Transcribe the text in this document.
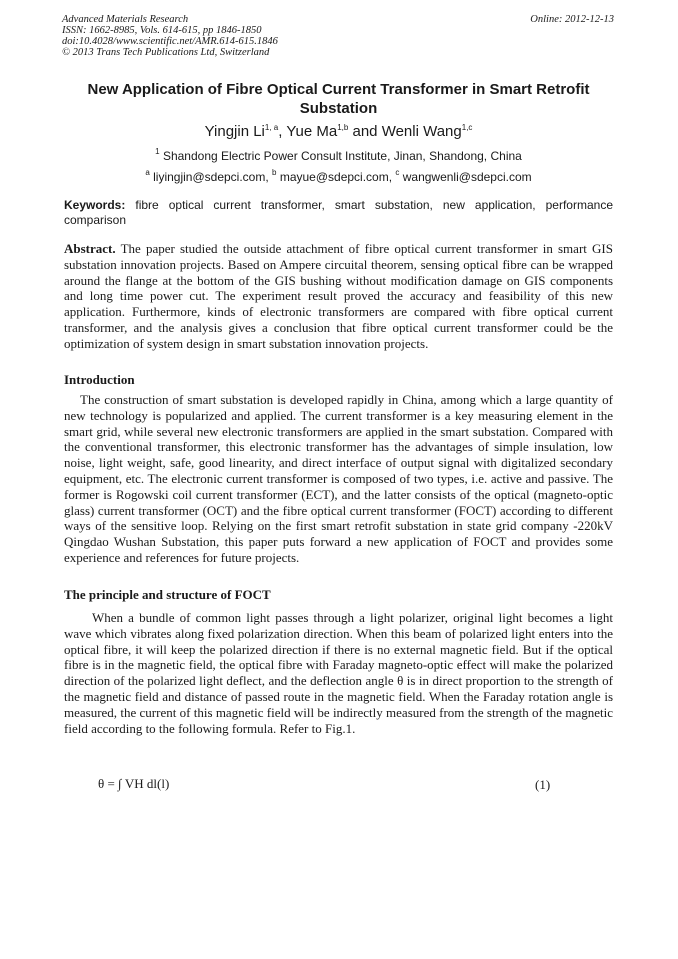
Advanced Materials Research
ISSN: 1662-8985, Vols. 614-615, pp 1846-1850
doi:10.4028/www.scientific.net/AMR.614-615.1846
© 2013 Trans Tech Publications Ltd, Switzerland
Online: 2012-12-13
New Application of Fibre Optical Current Transformer in Smart Retrofit Substation
Yingjin Li$^{1, a}$, Yue Ma$^{1,b}$ and Wenli Wang$^{1,c}$
$^1$ Shandong Electric Power Consult Institute, Jinan, Shandong, China
$^a$ liyingjin@sdepci.com, $^b$ mayue@sdepci.com, $^c$ wangwenli@sdepci.com
Keywords: fibre optical current transformer, smart substation, new application, performance comparison
Abstract. The paper studied the outside attachment of fibre optical current transformer in smart GIS substation innovation projects. Based on Ampere circuital theorem, sensing optical fibre can be wrapped around the flange at the bottom of the GIS bushing without modification damage on GIS components and long time power cut. The experiment result proved the accuracy and feasibility of this new application. Furthermore, kinds of electronic transformers are compared with fibre optical current transformer, and the analysis gives a conclusion that fibre optical current transformer could be the optimization of system design in smart substation innovation projects.
Introduction
The construction of smart substation is developed rapidly in China, among which a large quantity of new technology is popularized and applied. The current transformer is a key measuring element in the smart grid, while several new electronic transformers are applied in the smart substation. Compared with the conventional transformer, this electronic transformer has the advantages of simple insulation, low noise, light weight, safe, good linearity, and direct interface of output signal with digitalized secondary equipment, etc. The electronic current transformer is composed of two types, i.e. active and passive. The former is Rogowski coil current transformer (ECT), and the latter consists of the optical (magneto-optic glass) current transformer (OCT) and the fibre optical current transformer (FOCT) according to different ways of the sensitive loop. Relying on the first smart retrofit substation in state grid company -220kV Qingdao Wushan Substation, this paper puts forward a new application of FOCT and provides some experience and references for future projects.
The principle and structure of FOCT
When a bundle of common light passes through a light polarizer, original light becomes a light wave which vibrates along fixed polarization direction. When this beam of polarized light enters into the optical fibre, it will keep the polarized direction if there is no external magnetic field. But if the optical fibre is in the magnetic field, the optical fibre with Faraday magneto-optic effect will make the polarized direction of the polarized light deflect, and the deflection angle θ is in direct proportion to the strength of the magnetic field and distance of passed route in the magnetic field. When the Faraday rotation angle is measured, the current of this magnetic field will be indirectly measured from the strength of the magnetic field according to the following formula. Refer to Fig.1.
θ = ∫ VH dl(l)	(1)
